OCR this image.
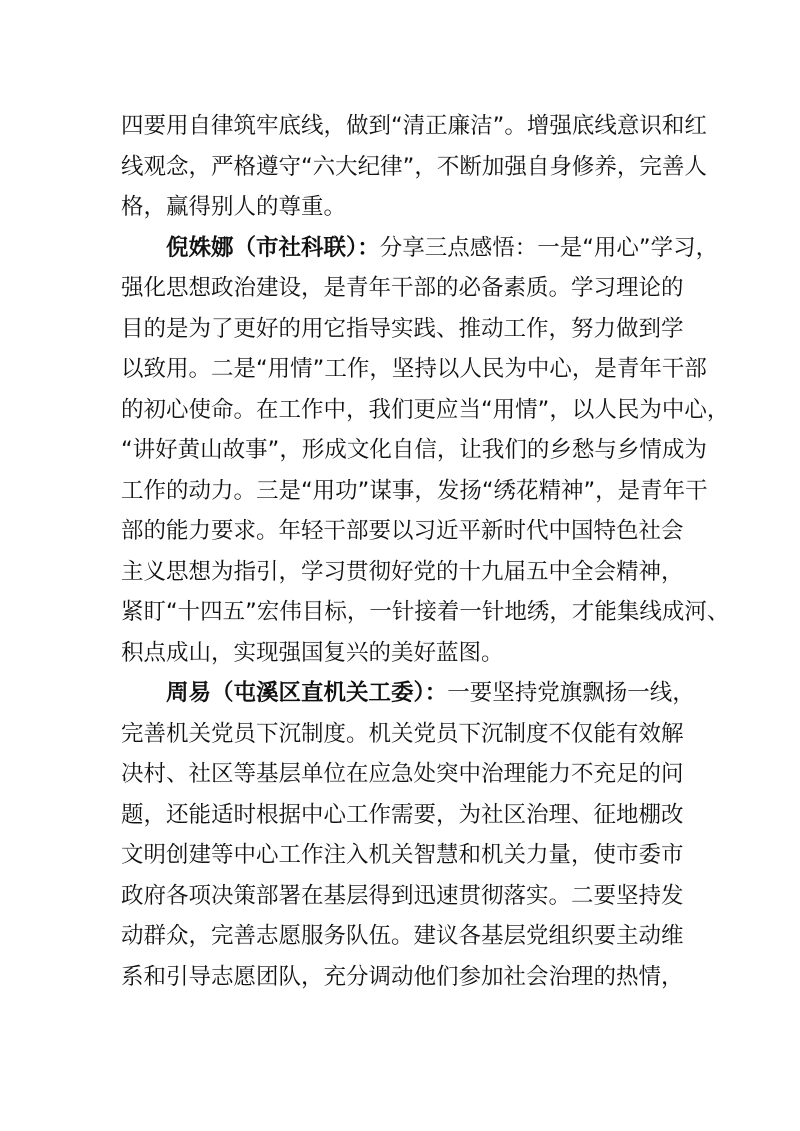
四要用自律筑牢底线，做到“清正廉洁”。增强底线意识和红
线观念，严格遵守“六大纪律”，不断加强自身修养，完善人
格，赢得别人的尊重。
倪姝娜（市社科联）：分享三点感悟：一是“用心”学习，
强化思想政治建设，是青年干部的必备素质。学习理论的
目的是为了更好的用它指导实践、推动工作，努力做到学
以致用。二是“用情”工作，坚持以人民为中心，是青年干部
的初心使命。在工作中，我们更应当“用情”，以人民为中心，
“讲好黄山故事”，形成文化自信，让我们的乡愁与乡情成为
工作的动力。三是“用功”谋事，发扬“绣花精神”，是青年干
部的能力要求。年轻干部要以习近平新时代中国特色社会
主义思想为指引，学习贯彻好党的十九届五中全会精神，
紧盯“十四五”宏伟目标，一针接着一针地绣，才能集线成河、
积点成山，实现强国复兴的美好蓝图。
周易（屯溪区直机关工委）：一要坚持党旗飘扬一线，
完善机关党员下沉制度。机关党员下沉制度不仅能有效解
决村、社区等基层单位在应急处突中治理能力不充足的问
题，还能适时根据中心工作需要，为社区治理、征地棚改
文明创建等中心工作注入机关智慧和机关力量，使市委市
政府各项决策部署在基层得到迅速贯彻落实。二要坚持发
动群众，完善志愿服务队伍。建议各基层党组织要主动维
系和引导志愿团队，充分调动他们参加社会治理的热情，
